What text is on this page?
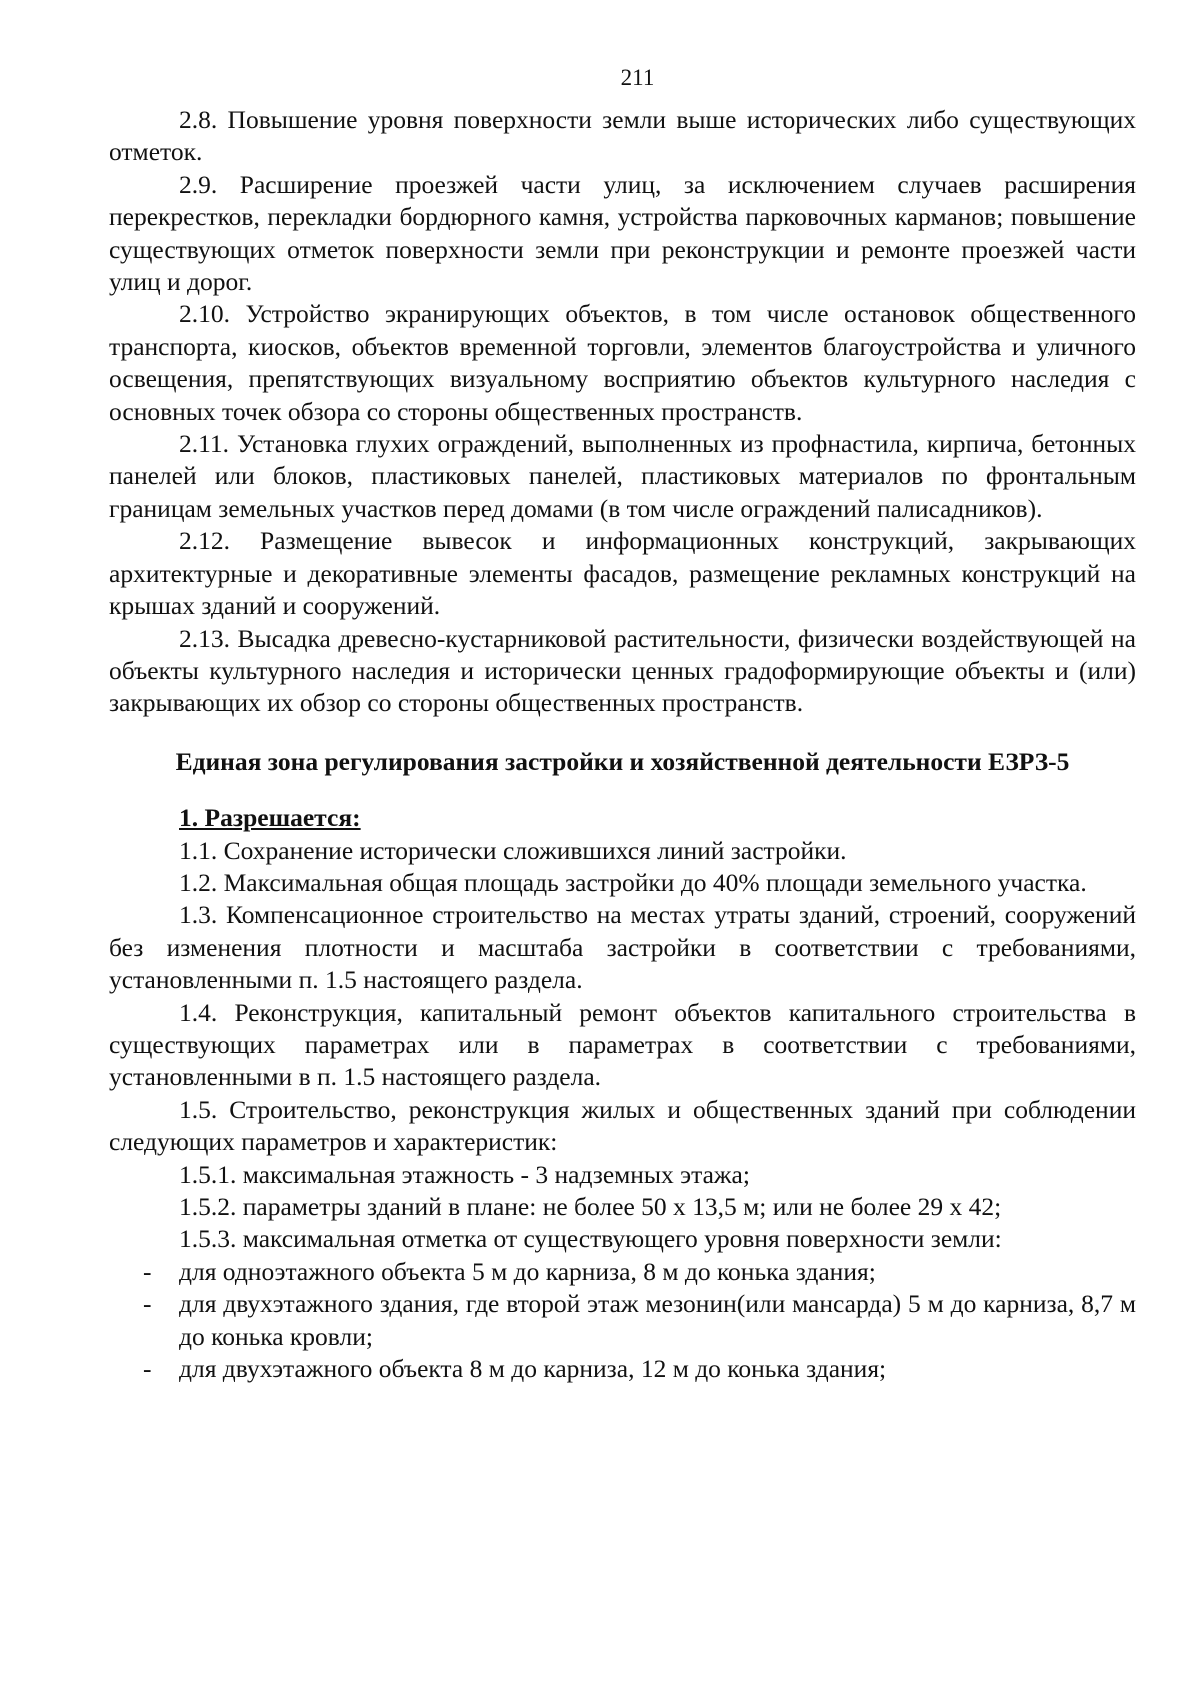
211

2.8. Повышение уровня поверхности земли выше исторических либо существующих отметок.

2.9. Расширение проезжей части улиц, за исключением случаев расширения перекрестков, перекладки бордюрного камня, устройства парковочных карманов; повышение существующих отметок поверхности земли при реконструкции и ремонте проезжей части улиц и дорог.

2.10. Устройство экранирующих объектов, в том числе остановок общественного транспорта, киосков, объектов временной торговли, элементов благоустройства и уличного освещения, препятствующих визуальному восприятию объектов культурного наследия с основных точек обзора со стороны общественных пространств.

2.11. Установка глухих ограждений, выполненных из профнастила, кирпича, бетонных панелей или блоков, пластиковых панелей, пластиковых материалов по фронтальным границам земельных участков перед домами (в том числе ограждений палисадников).

2.12. Размещение вывесок и информационных конструкций, закрывающих архитектурные и декоративные элементы фасадов, размещение рекламных конструкций на крышах зданий и сооружений.

2.13. Высадка древесно-кустарниковой растительности, физически воздействующей на объекты культурного наследия и исторически ценных градоформирующие объекты и (или) закрывающих их обзор со стороны общественных пространств.

Единая зона регулирования застройки и хозяйственной деятельности ЕЗРЗ-5

1. Разрешается:

1.1. Сохранение исторически сложившихся линий застройки.

1.2. Максимальная общая площадь застройки до 40% площади земельного участка.

1.3. Компенсационное строительство на местах утраты зданий, строений, сооружений без изменения плотности и масштаба застройки в соответствии с требованиями, установленными п. 1.5 настоящего раздела.

1.4. Реконструкция, капитальный ремонт объектов капитального строительства в существующих параметрах или в параметрах в соответствии с требованиями, установленными в п. 1.5 настоящего раздела.

1.5. Строительство, реконструкция жилых и общественных зданий при соблюдении следующих параметров и характеристик:

1.5.1. максимальная этажность - 3 надземных этажа;

1.5.2. параметры зданий в плане: не более 50 х 13,5 м; или не более 29 х 42;

1.5.3. максимальная отметка от существующего уровня поверхности земли:

-	для одноэтажного объекта 5 м до карниза, 8 м до конька здания;
-	для двухэтажного здания, где второй этаж мезонин(или мансарда) 5 м до карниза, 8,7 м до конька кровли;
-	для двухэтажного объекта 8 м до карниза, 12 м до конька здания;
